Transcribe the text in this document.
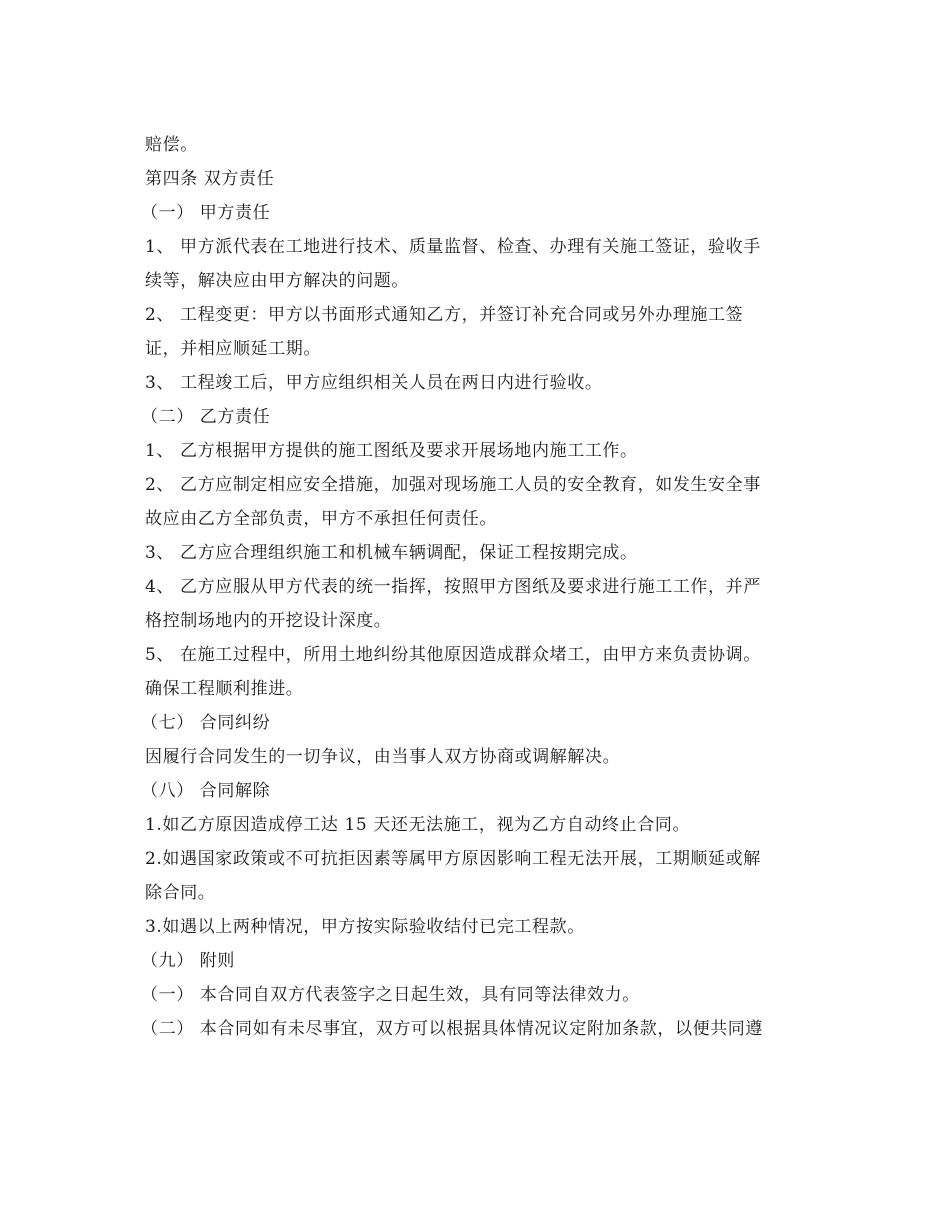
赔偿。
第四条 双方责任
（一） 甲方责任
1、 甲方派代表在工地进行技术、质量监督、检查、办理有关施工签证，验收手
续等，解决应由甲方解决的问题。
2、 工程变更：甲方以书面形式通知乙方，并签订补充合同或另外办理施工签
证，并相应顺延工期。
3、 工程竣工后，甲方应组织相关人员在两日内进行验收。
（二） 乙方责任
1、 乙方根据甲方提供的施工图纸及要求开展场地内施工工作。
2、 乙方应制定相应安全措施，加强对现场施工人员的安全教育，如发生安全事
故应由乙方全部负责，甲方不承担任何责任。
3、 乙方应合理组织施工和机械车辆调配，保证工程按期完成。
4、 乙方应服从甲方代表的统一指挥，按照甲方图纸及要求进行施工工作，并严
格控制场地内的开挖设计深度。
5、 在施工过程中，所用土地纠纷其他原因造成群众堵工，由甲方来负责协调。
确保工程顺利推进。
（七） 合同纠纷
因履行合同发生的一切争议，由当事人双方协商或调解解决。
（八） 合同解除
1.如乙方原因造成停工达 15 天还无法施工，视为乙方自动终止合同。
2.如遇国家政策或不可抗拒因素等属甲方原因影响工程无法开展，工期顺延或解
除合同。
3.如遇以上两种情况，甲方按实际验收结付已完工程款。
（九） 附则
（一） 本合同自双方代表签字之日起生效，具有同等法律效力。
（二） 本合同如有未尽事宜，双方可以根据具体情况议定附加条款，以便共同遵
